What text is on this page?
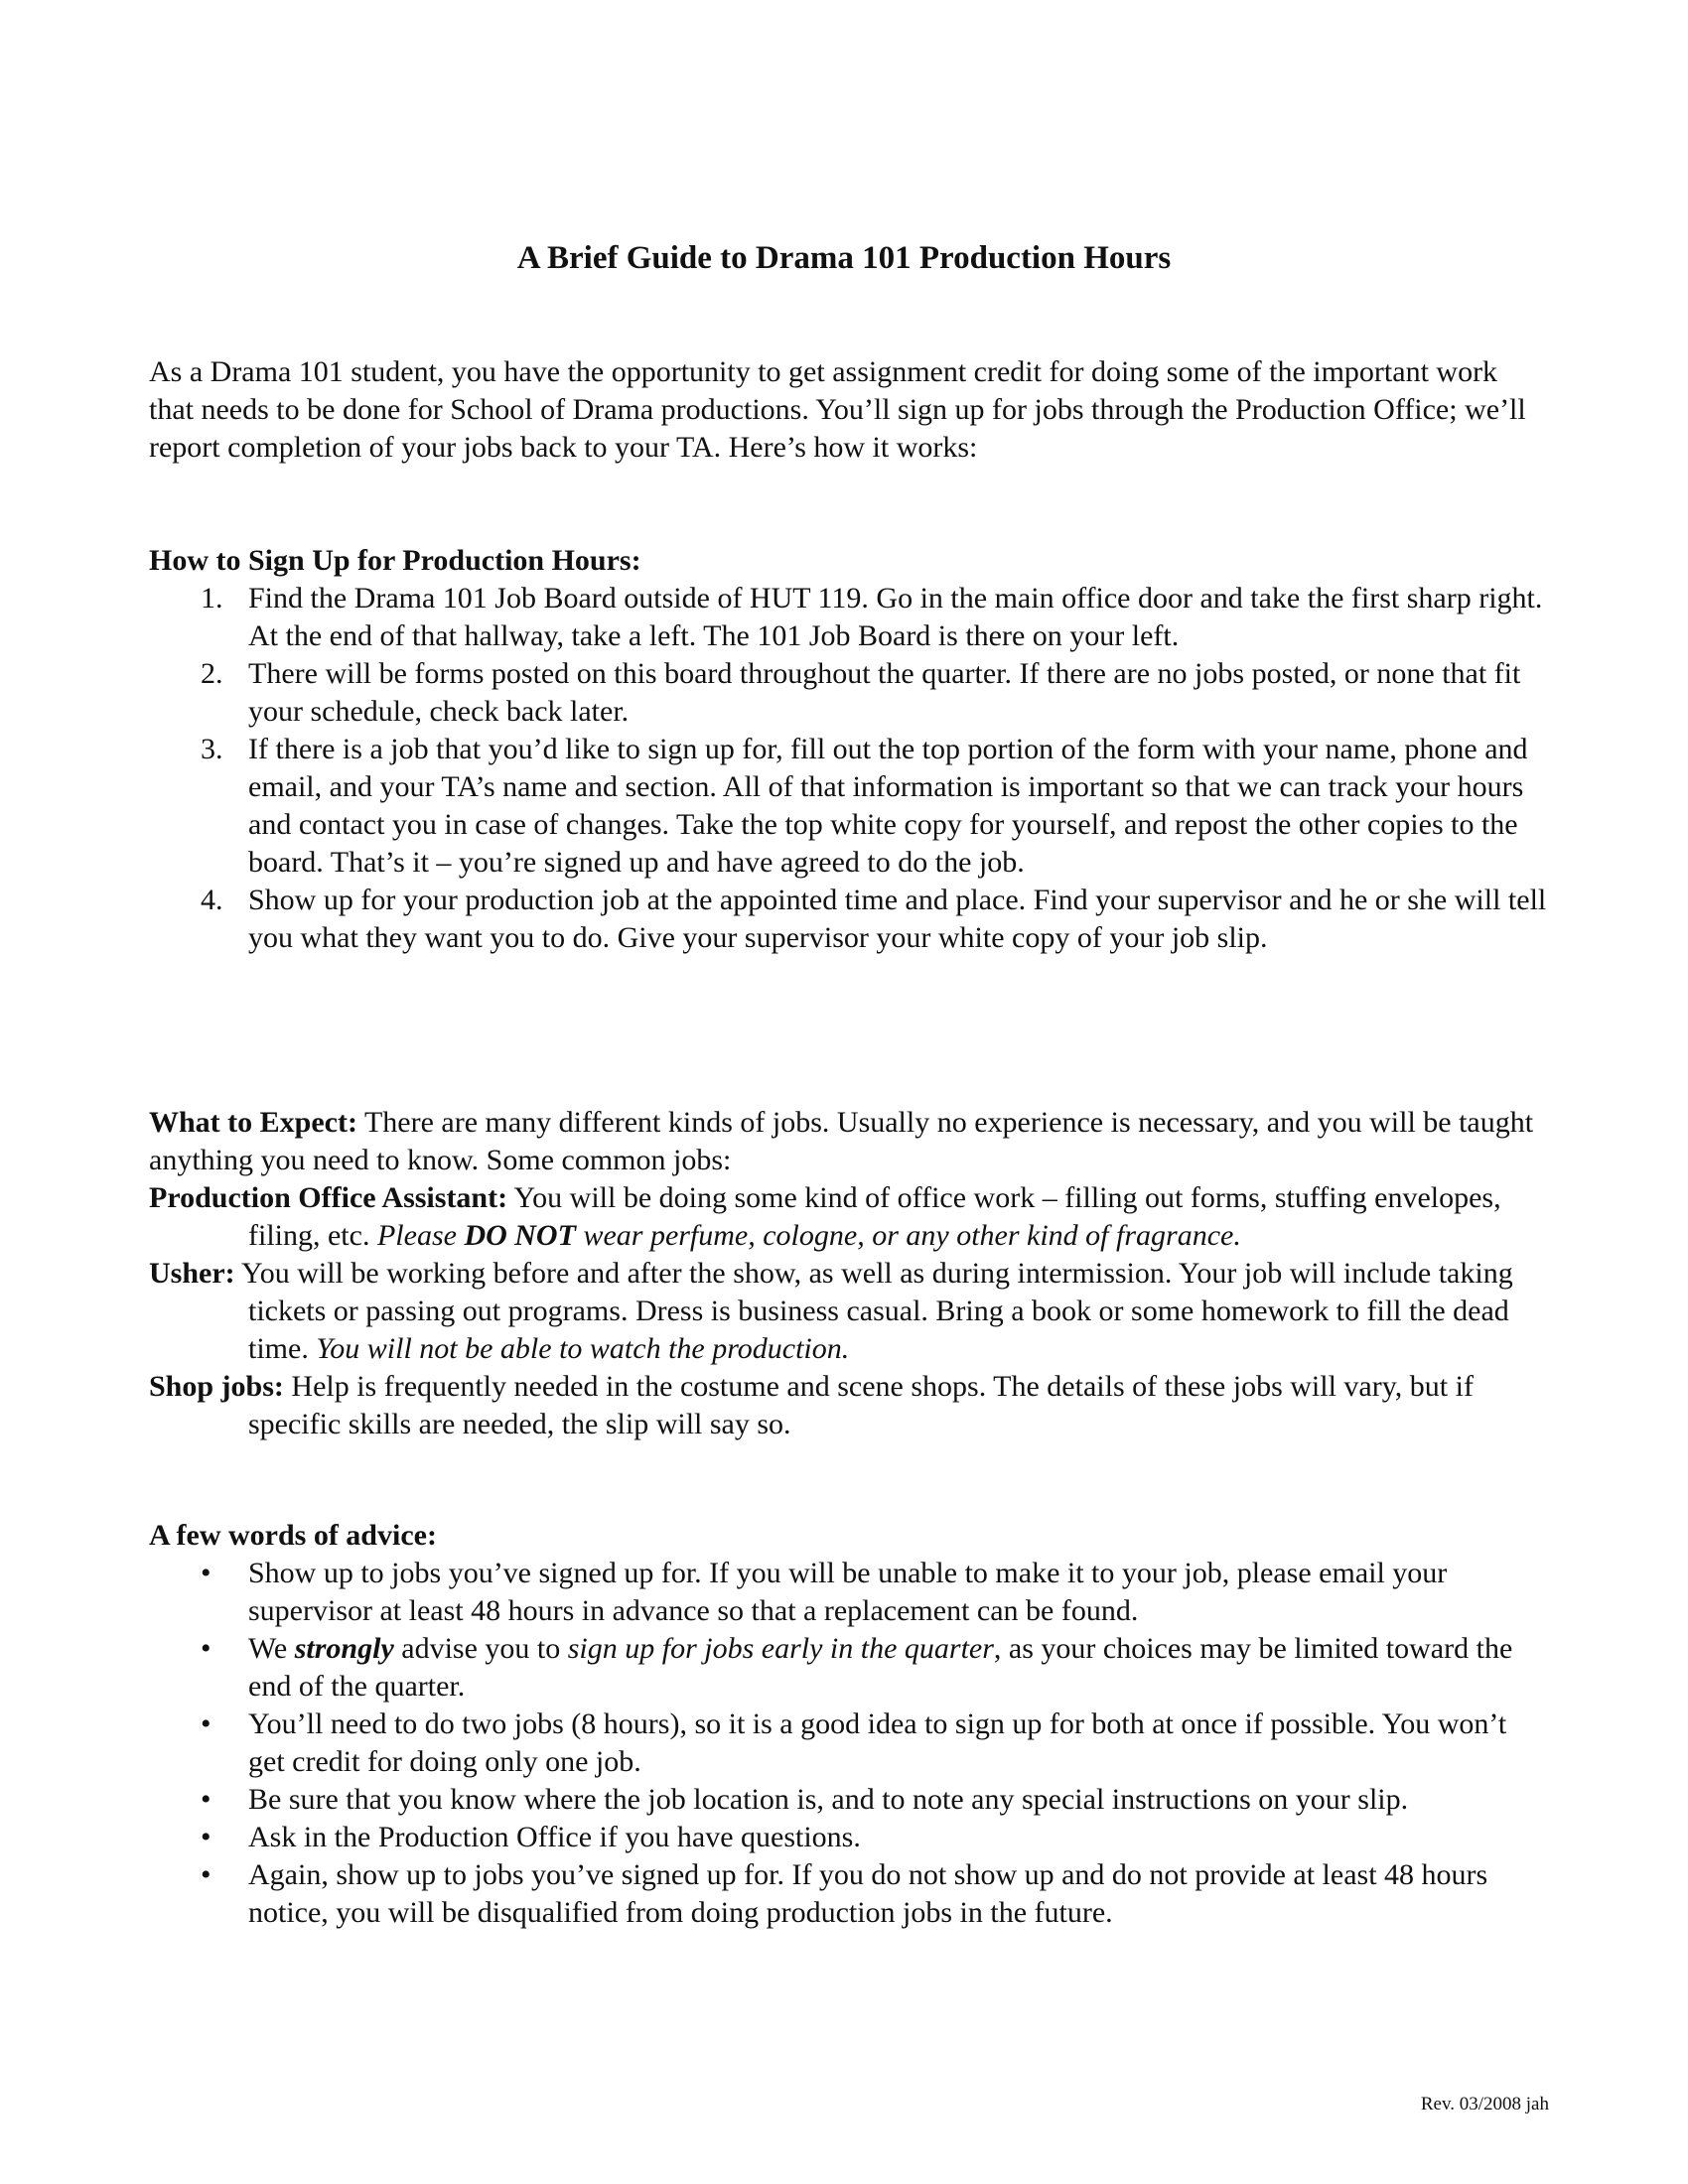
A Brief Guide to Drama 101 Production Hours

As a Drama 101 student, you have the opportunity to get assignment credit for doing some of the important work that needs to be done for School of Drama productions. You’ll sign up for jobs through the Production Office; we’ll report completion of your jobs back to your TA. Here’s how it works:

How to Sign Up for Production Hours:

1. Find the Drama 101 Job Board outside of HUT 119. Go in the main office door and take the first sharp right. At the end of that hallway, take a left. The 101 Job Board is there on your left.
2. There will be forms posted on this board throughout the quarter. If there are no jobs posted, or none that fit your schedule, check back later.
3. If there is a job that you’d like to sign up for, fill out the top portion of the form with your name, phone and email, and your TA’s name and section. All of that information is important so that we can track your hours and contact you in case of changes. Take the top white copy for yourself, and repost the other copies to the board. That’s it – you’re signed up and have agreed to do the job.
4. Show up for your production job at the appointed time and place. Find your supervisor and he or she will tell you what they want you to do. Give your supervisor your white copy of your job slip.

What to Expect: There are many different kinds of jobs. Usually no experience is necessary, and you will be taught anything you need to know. Some common jobs:

Production Office Assistant: You will be doing some kind of office work – filling out forms, stuffing envelopes, filing, etc. Please DO NOT wear perfume, cologne, or any other kind of fragrance.

Usher: You will be working before and after the show, as well as during intermission. Your job will include taking tickets or passing out programs. Dress is business casual. Bring a book or some homework to fill the dead time. You will not be able to watch the production.

Shop jobs: Help is frequently needed in the costume and scene shops. The details of these jobs will vary, but if specific skills are needed, the slip will say so.

A few words of advice:

• Show up to jobs you’ve signed up for. If you will be unable to make it to your job, please email your supervisor at least 48 hours in advance so that a replacement can be found.
• We strongly advise you to sign up for jobs early in the quarter, as your choices may be limited toward the end of the quarter.
• You’ll need to do two jobs (8 hours), so it is a good idea to sign up for both at once if possible. You won’t get credit for doing only one job.
• Be sure that you know where the job location is, and to note any special instructions on your slip.
• Ask in the Production Office if you have questions.
• Again, show up to jobs you’ve signed up for. If you do not show up and do not provide at least 48 hours notice, you will be disqualified from doing production jobs in the future.
Rev. 03/2008 jah
